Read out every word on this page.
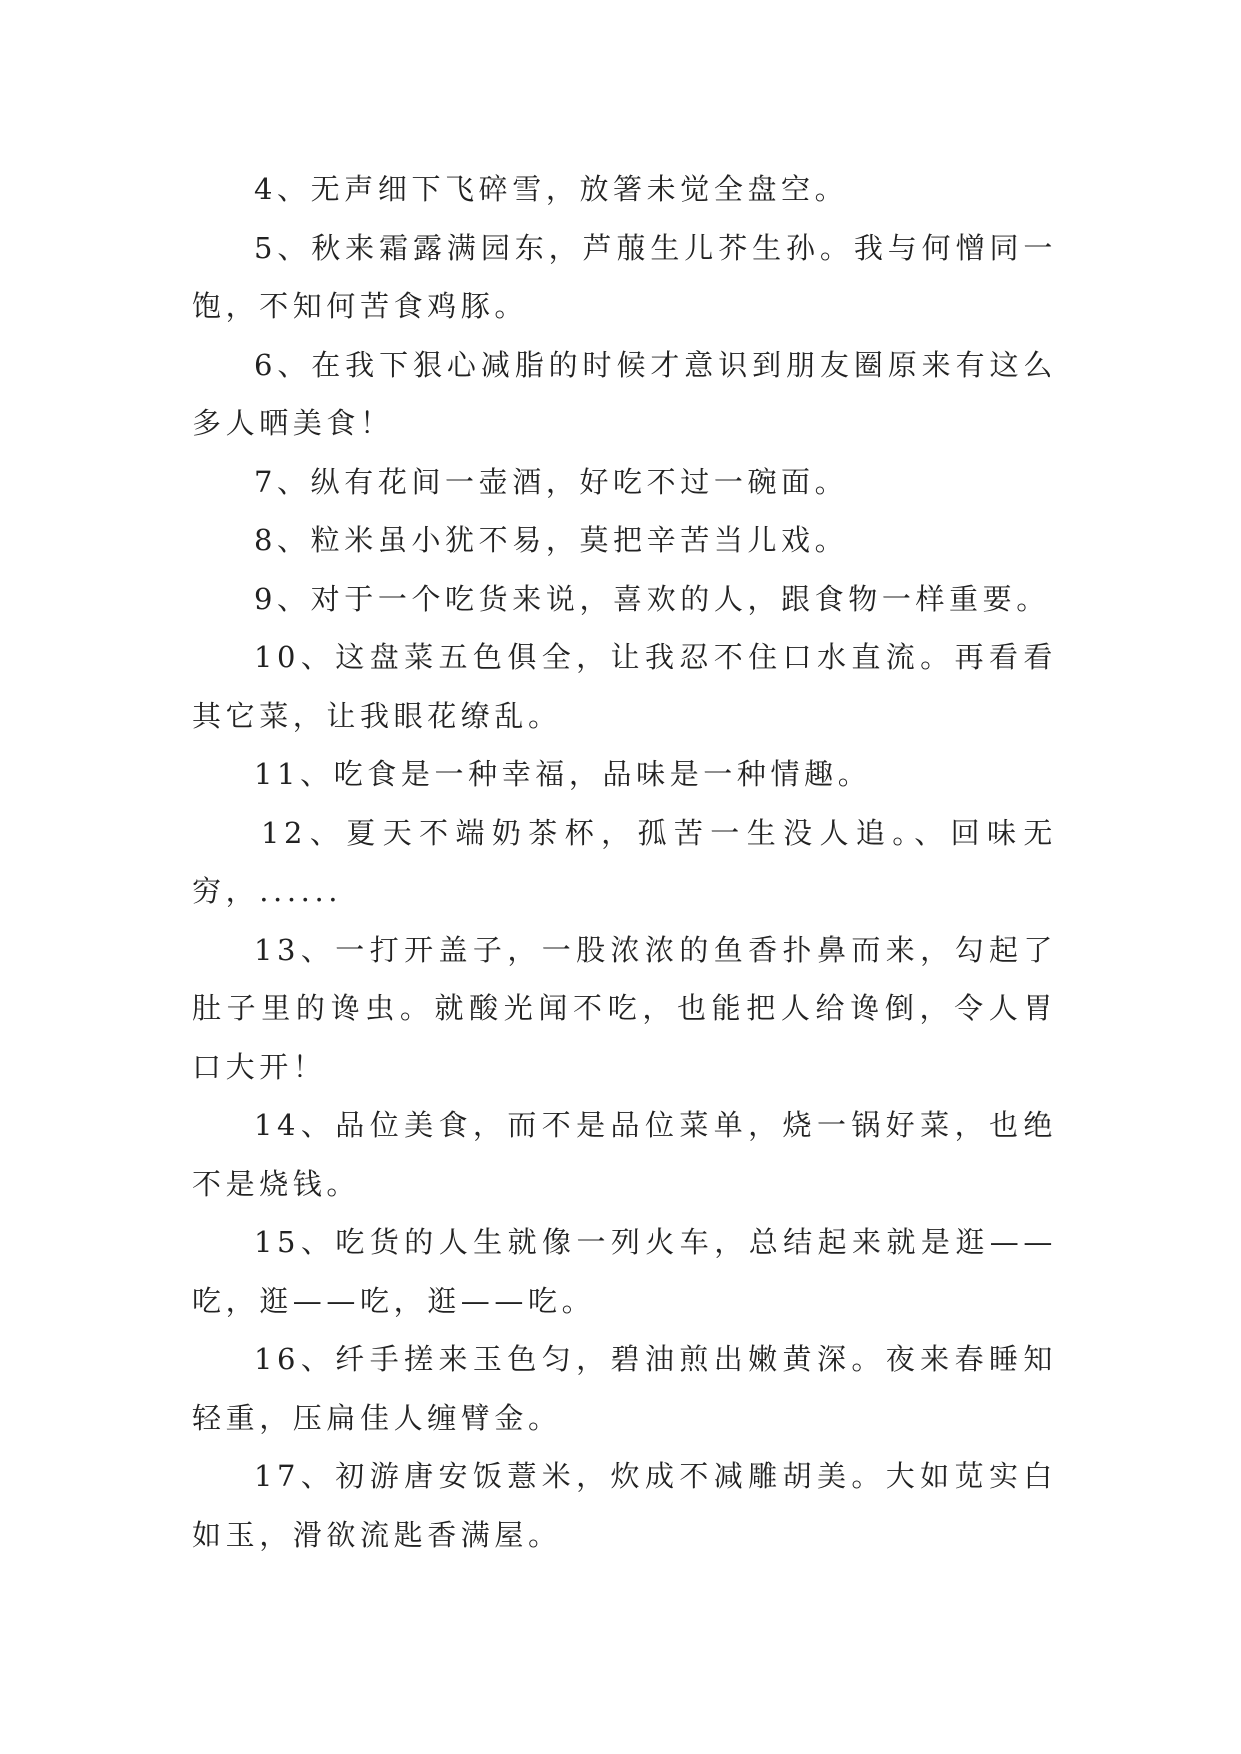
4、无声细下飞碎雪，放箸未觉全盘空。

5、秋来霜露满园东，芦菔生儿芥生孙。我与何憎同一饱，不知何苦食鸡豚。

6、在我下狠心减脂的时候才意识到朋友圈原来有这么多人晒美食！

7、纵有花间一壶酒，好吃不过一碗面。

8、粒米虽小犹不易，莫把辛苦当儿戏。

9、对于一个吃货来说，喜欢的人，跟食物一样重要。

10、这盘菜五色俱全，让我忍不住口水直流。再看看其它菜，让我眼花缭乱。

11、吃食是一种幸福，品味是一种情趣。

12、夏天不端奶茶杯，孤苦一生没人追。、回味无穷，......

13、一打开盖子，一股浓浓的鱼香扑鼻而来，勾起了肚子里的谗虫。就酸光闻不吃，也能把人给谗倒，令人胃口大开！

14、品位美食，而不是品位菜单，烧一锅好菜，也绝不是烧钱。

15、吃货的人生就像一列火车，总结起来就是逛——吃，逛——吃，逛——吃。

16、纤手搓来玉色匀，碧油煎出嫩黄深。夜来春睡知轻重，压扁佳人缠臂金。

17、初游唐安饭薏米，炊成不减雕胡美。大如苋实白如玉，滑欲流匙香满屋。
